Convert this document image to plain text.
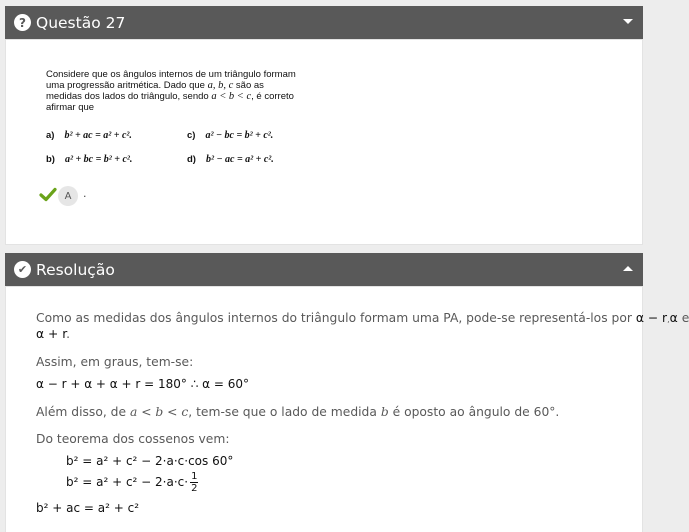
? Questão 27
Considere que os ângulos internos de um triângulo formam
uma progressão aritmética. Dado que a, b, c são as
medidas dos lados do triângulo, sendo a < b < c, é correto
afirmar que
a) b² + ac = a² + c².	c) a² − bc = b² + c².
b) a² + bc = b² + c².	d) b² − ac = a² + c².
A	.
✔ Resolução
Como as medidas dos ângulos internos do triângulo formam uma PA, pode-se representá-los por α − r,α e
α + r.
Assim, em graus, tem-se:
α − r + α + α + r = 180° ∴ α = 60°
Além disso, de a < b < c, tem-se que o lado de medida b é oposto ao ângulo de 60°.
Do teorema dos cossenos vem:
b² = a² + c² − 2·a·c·cos 60°
$b^2 = a^2 + c^2 - 2\cdot a\cdot c\cdot \frac{1}{2}$
b² + ac = a² + c²
